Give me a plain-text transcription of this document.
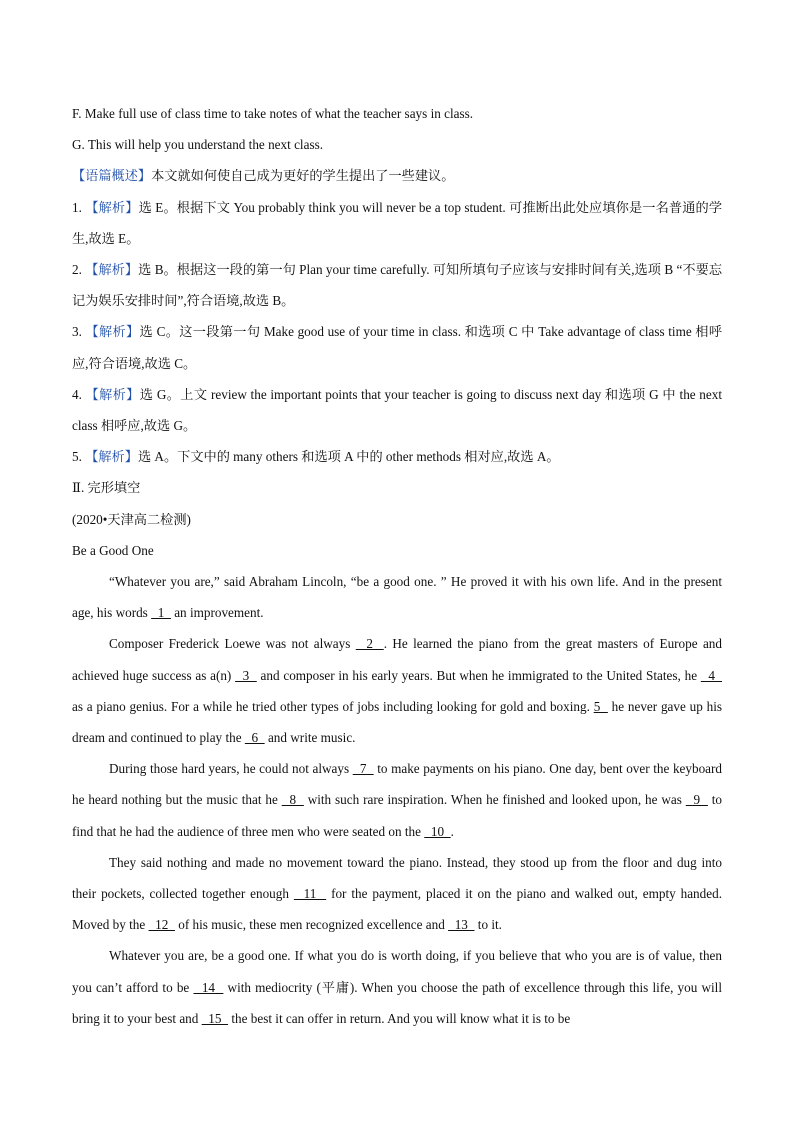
F. Make full use of class time to take notes of what the teacher says in class.

G. This will help you understand the next class.

【语篇概述】本文就如何使自己成为更好的学生提出了一些建议。

1. 【解析】选 E。根据下文 You probably think you will never be a top student. 可推断出此处应填你是一名普通的学生,故选 E。

2. 【解析】选 B。根据这一段的第一句 Plan your time carefully. 可知所填句子应该与安排时间有关,选项 B “不要忘记为娱乐安排时间”,符合语境,故选 B。

3. 【解析】选 C。这一段第一句 Make good use of your time in class. 和选项 C 中 Take advantage of class time 相呼应,符合语境,故选 C。

4. 【解析】选 G。上文 review the important points that your teacher is going to discuss next day 和选项 G 中 the next class 相呼应,故选 G。

5. 【解析】选 A。下文中的 many others 和选项 A 中的 other methods 相对应,故选 A。

Ⅱ. 完形填空

(2020•天津高二检测)

Be a Good One

“Whatever you are,” said Abraham Lincoln, “be a good one. ” He proved it with his own life. And in the present age, his words   1   an improvement.

Composer Frederick Loewe was not always   2  . He learned the piano from the great masters of Europe and achieved huge success as a(n)   3   and composer in his early years. But when he immigrated to the United States, he   4   as a piano genius. For a while he tried other types of jobs including looking for gold and boxing. 5   he never gave up his dream and continued to play the   6   and write music.

During those hard years, he could not always   7   to make payments on his piano. One day, bent over the keyboard he heard nothing but the music that he   8   with such rare inspiration. When he finished and looked upon, he was   9   to find that he had the audience of three men who were seated on the   10  .

They said nothing and made no movement toward the piano. Instead, they stood up from the floor and dug into their pockets, collected together enough   11   for the payment, placed it on the piano and walked out, empty handed. Moved by the   12   of his music, these men recognized excellence and   13   to it.

Whatever you are, be a good one. If what you do is worth doing, if you believe that who you are is of value, then you can’t afford to be   14   with mediocrity (平庸). When you choose the path of excellence through this life, you will bring it to your best and   15   the best it can offer in return. And you will know what it is to be
